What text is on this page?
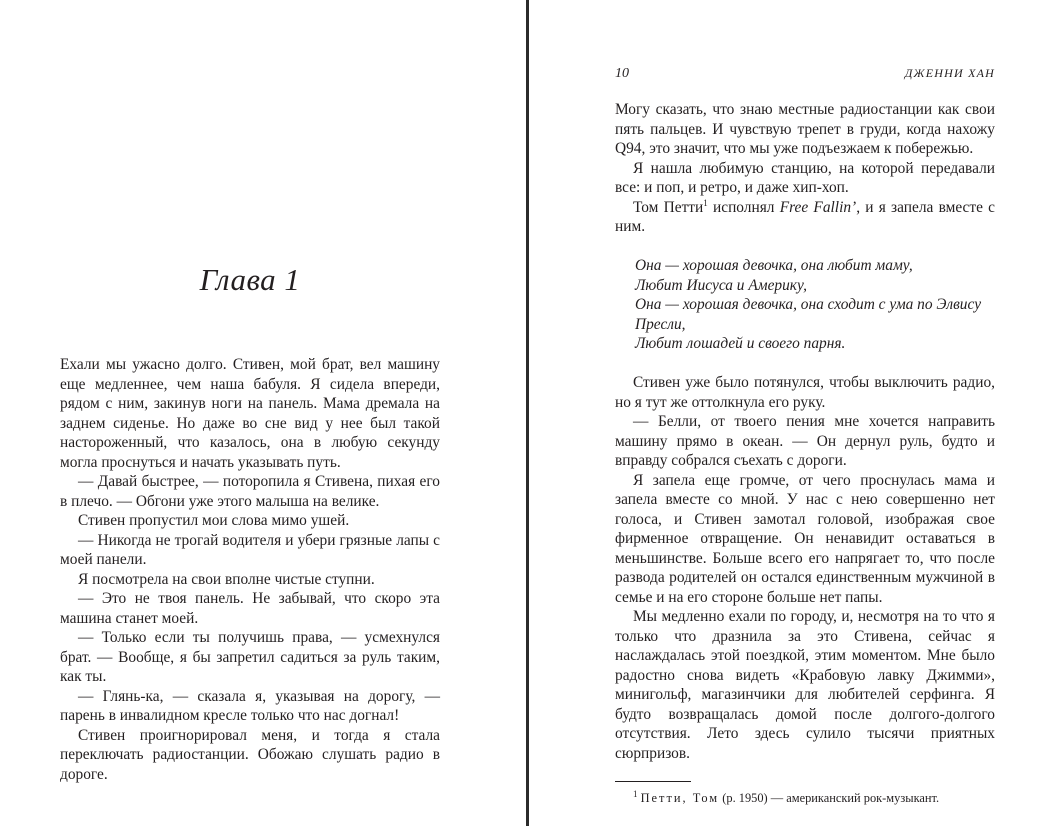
Глава 1

Ехали мы ужасно долго. Стивен, мой брат, вел машину еще медленнее, чем наша бабуля. Я сидела впереди, рядом с ним, закинув ноги на панель. Мама дремала на заднем сиденье. Но даже во сне вид у нее был такой настороженный, что казалось, она в любую секунду могла проснуться и начать указывать путь.

— Давай быстрее, — поторопила я Стивена, пихая его в плечо. — Обгони уже этого малыша на велике.

Стивен пропустил мои слова мимо ушей.

— Никогда не трогай водителя и убери грязные лапы с моей панели.

Я посмотрела на свои вполне чистые ступни.

— Это не твоя панель. Не забывай, что скоро эта машина станет моей.

— Только если ты получишь права, — усмехнулся брат. — Вообще, я бы запретил садиться за руль таким, как ты.

— Глянь-ка, — сказала я, указывая на дорогу, — парень в инвалидном кресле только что нас догнал!

Стивен проигнорировал меня, и тогда я стала переключать радиостанции. Обожаю слушать радио в дороге.

10	ДЖЕННИ ХАН

Могу сказать, что знаю местные радиостанции как свои пять пальцев. И чувствую трепет в груди, когда нахожу Q94, это значит, что мы уже подъезжаем к побережью.

Я нашла любимую станцию, на которой передавали все: и поп, и ретро, и даже хип-хоп.

Том Петти$^1$ исполнял Free Fallin’, и я запела вместе с ним.

Она — хорошая девочка, она любит маму,
Любит Иисуса и Америку,
Она — хорошая девочка, она сходит с ума по Элвису Пресли,
Любит лошадей и своего парня.

Стивен уже было потянулся, чтобы выключить радио, но я тут же оттолкнула его руку.

— Белли, от твоего пения мне хочется направить машину прямо в океан. — Он дернул руль, будто и вправду собрался съехать с дороги.

Я запела еще громче, от чего проснулась мама и запела вместе со мной. У нас с нею совершенно нет голоса, и Стивен замотал головой, изображая свое фирменное отвращение. Он ненавидит оставаться в меньшинстве. Больше всего его напрягает то, что после развода родителей он остался единственным мужчиной в семье и на его стороне больше нет папы.

Мы медленно ехали по городу, и, несмотря на то что я только что дразнила за это Стивена, сейчас я наслаждалась этой поездкой, этим моментом. Мне было радостно снова видеть «Крабовую лавку Джимми», минигольф, магазинчики для любителей серфинга. Я будто возвращалась домой после долгого-долгого отсутствия. Лето здесь сулило тысячи приятных сюрпризов.

$^1$ Петти, Том (р. 1950) — американский рок-музыкант.
